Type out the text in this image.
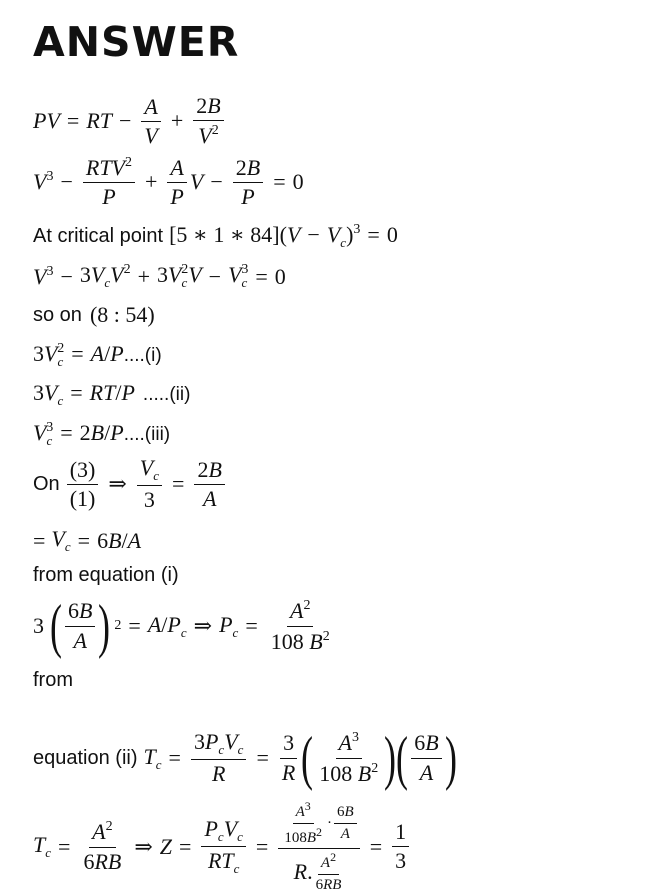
ANSWER
PV = RT − $\frac{A}{V} + \frac{2B}{V^2}$
$V^3 - \frac{RTV^2}{P} + \frac{A}{P}$ $V - \frac{2B}{P} = 0$
At critical point [5 ∗ 1 ∗ $84](V - V_c)^3 = 0$
$V^3 - 3V_cV^2 + 3V_c^2V - V_c^3 = 0$
so on (8 : 54)
$3V_c^2 = A/P$ ....(i)
$3V_c = RT/P$ .....(ii)
$V_c^3 = 2B/P$ ....(iii)
On $\frac{(3)}{(1)}$ ⇒ $\frac{V_c}{3} = \frac{2B}{A}$
= $V_c = 6B/A$
from equation (i)
3 ( $\frac{6B}{A}$ ) $2 = A/P_c$ ⇒ $P_c = \frac{A^2}{108 B^2}$
from
equation (ii) $T_c = \frac{3P_cV_c}{R} = \frac{3}{R}$ ( $\frac{A^3}{108 B^2}$ ) ( $\frac{6B}{A}$ )
$T_c = \frac{A^2}{6RB}$ ⇒ $Z = \frac{P_cV_c}{RT_c} = \frac{\frac{A^3}{108B^2} \cdot \frac{6B}{A}}{R . \frac{A^2}{6RB}} = \frac{1}{3}$
